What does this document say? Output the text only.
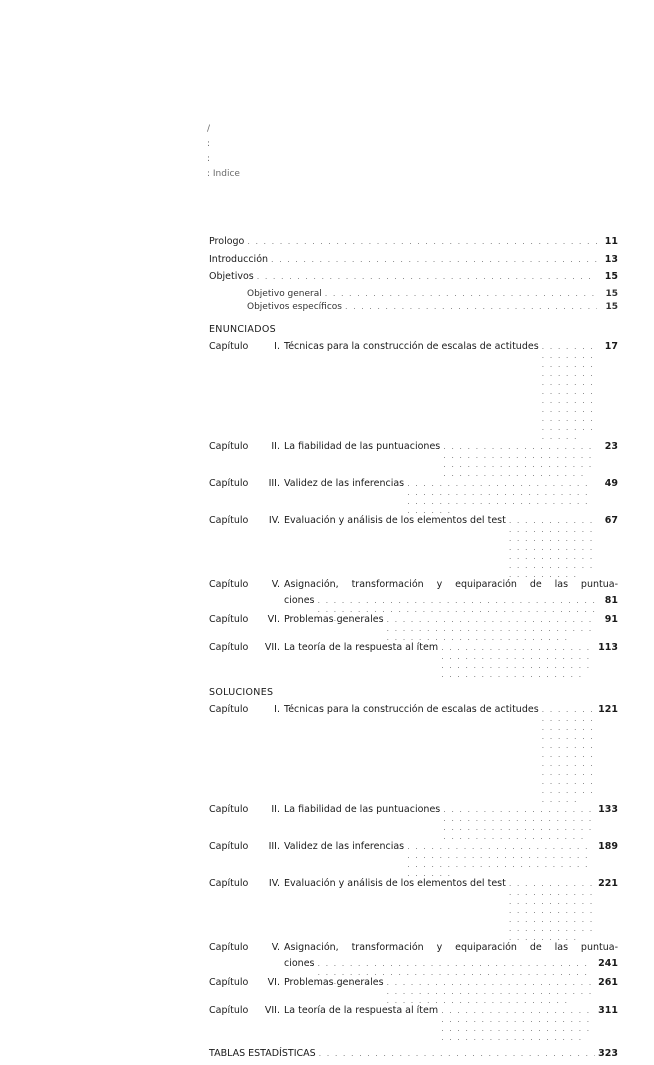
/
:
:
: Indice
Prologo . . .	11
Introducción . . .	13
Objetivos . . .	15
Objetivo general . . .	15
Objetivos específicos . . .	15
ENUNCIADOS
Capítulo	I. Técnicas para la construcción de escalas de actitudes . . .	17
Capítulo	II. La fiabilidad de las puntuaciones . . .	23
Capítulo	III. Validez de las inferencias . . .	49
Capítulo	IV. Evaluación y análisis de los elementos del test . . .	67
Capítulo	V. Asignación, transformación y equiparación de las puntua-
ciones . . .	81
Capítulo	VI. Problemas generales . . .	91
Capítulo	VII. La teoría de la respuesta al ítem . . .	113
SOLUCIONES
Capítulo	I. Técnicas para la construcción de escalas de actitudes . . .	121
Capítulo	II. La fiabilidad de las puntuaciones . . .	133
Capítulo	III. Validez de las inferencias . . .	189
Capítulo	IV. Evaluación y análisis de los elementos del test . . .	221
Capítulo	V. Asignación, transformación y equiparación de las puntua-
ciones . . .	241
Capítulo	VI. Problemas generales . . .	261
Capítulo	VII. La teoría de la respuesta al ítem . . .	311
TABLAS ESTADÍSTICAS . . .	323
